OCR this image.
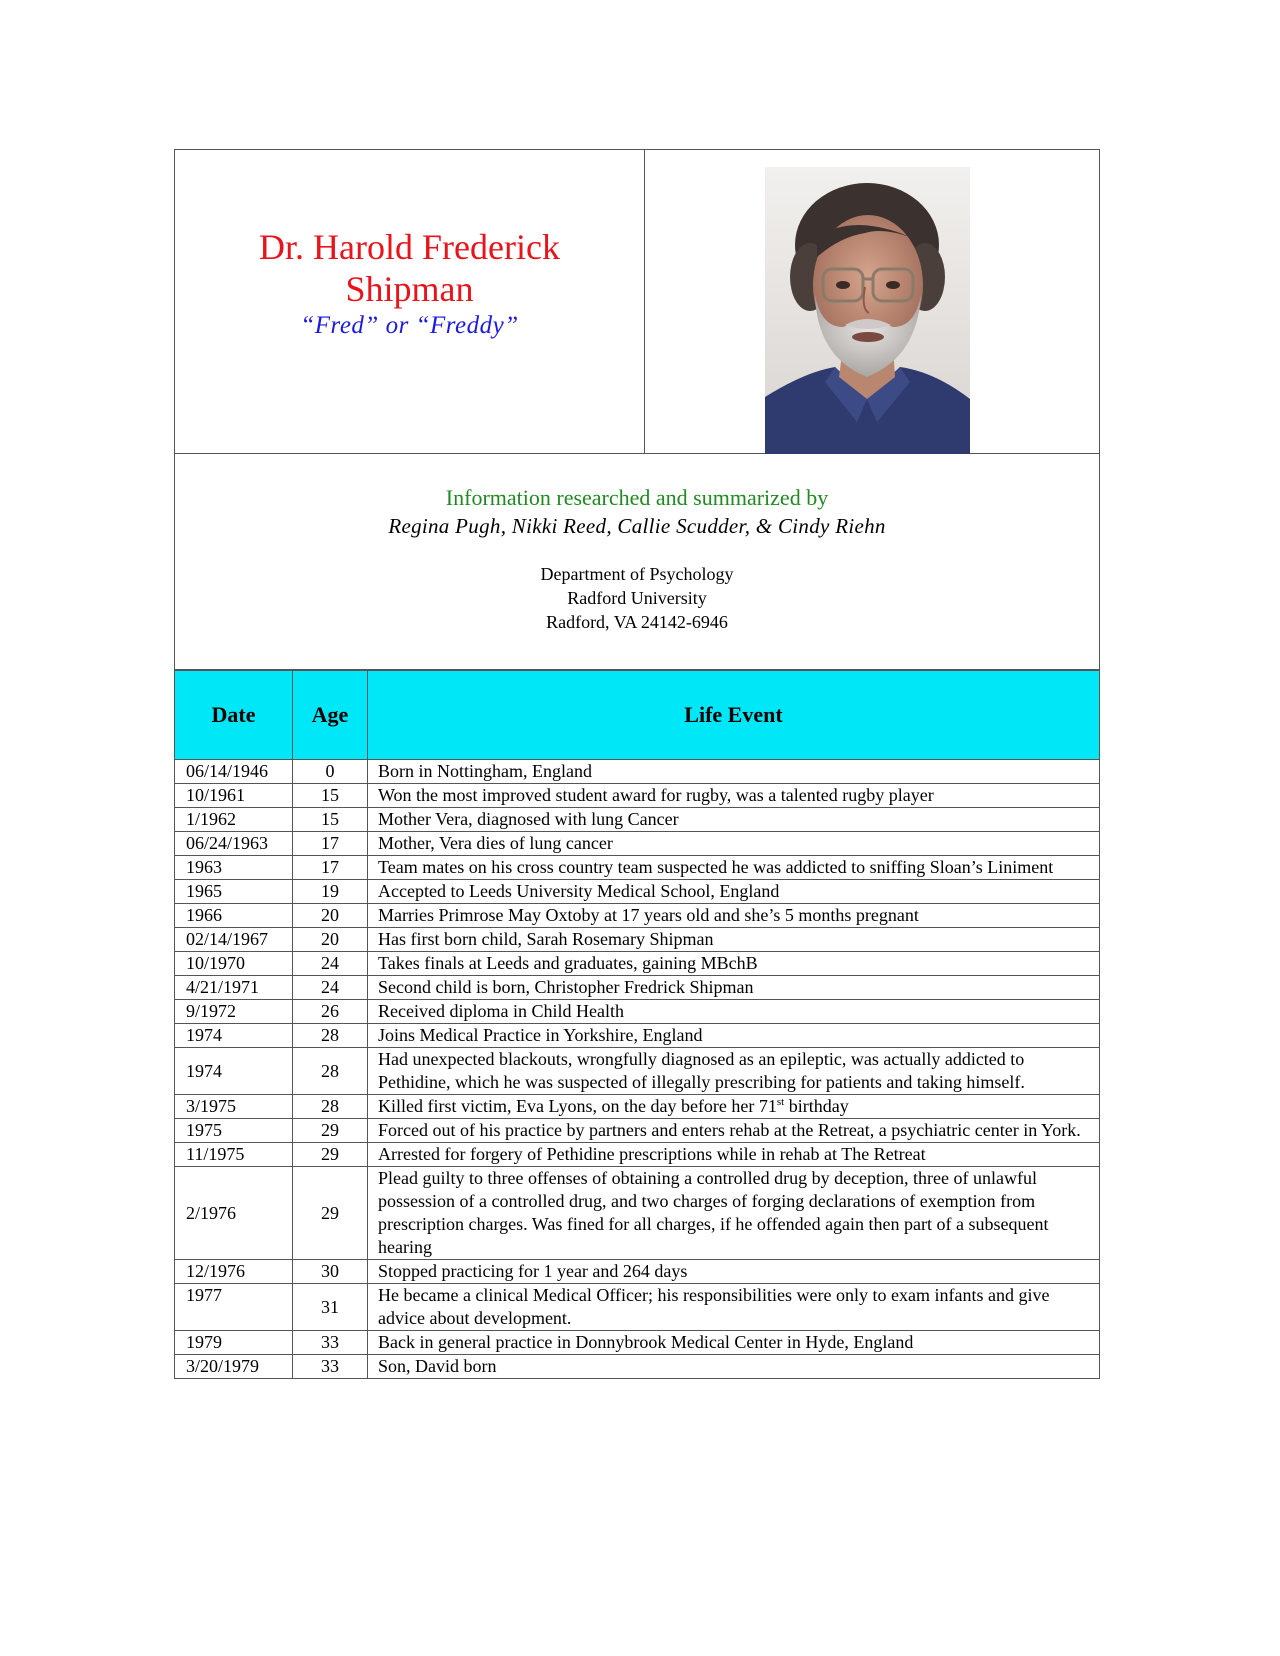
Dr. Harold Frederick
Shipman
“Fred” or “Freddy”
Information researched and summarized by
Regina Pugh, Nikki Reed, Callie Scudder, & Cindy Riehn
Department of Psychology
Radford University
Radford, VA 24142-6946
Date	Age	Life Event
06/14/1946	0	Born in Nottingham, England
10/1961	15	Won the most improved student award for rugby, was a talented rugby player
1/1962	15	Mother Vera, diagnosed with lung Cancer
06/24/1963	17	Mother, Vera dies of lung cancer
1963	17	Team mates on his cross country team suspected he was addicted to sniffing Sloan’s Liniment
1965	19	Accepted to Leeds University Medical School, England
1966	20	Marries Primrose May Oxtoby at 17 years old and she’s 5 months pregnant
02/14/1967	20	Has first born child, Sarah Rosemary Shipman
10/1970	24	Takes finals at Leeds and graduates, gaining MBchB
4/21/1971	24	Second child is born, Christopher Fredrick Shipman
9/1972	26	Received diploma in Child Health
1974	28	Joins Medical Practice in Yorkshire, England
1974	28	Had unexpected blackouts, wrongfully diagnosed as an epileptic, was actually addicted to Pethidine, which he was suspected of illegally prescribing for patients and taking himself.
3/1975	28	Killed first victim, Eva Lyons, on the day before her 71st birthday
1975	29	Forced out of his practice by partners and enters rehab at the Retreat, a psychiatric center in York.
11/1975	29	Arrested for forgery of Pethidine prescriptions while in rehab at The Retreat
2/1976	29	Plead guilty to three offenses of obtaining a controlled drug by deception, three of unlawful possession of a controlled drug, and two charges of forging declarations of exemption from prescription charges. Was fined for all charges, if he offended again then part of a subsequent hearing
12/1976	30	Stopped practicing for 1 year and 264 days
1977	31	He became a clinical Medical Officer; his responsibilities were only to exam infants and give advice about development.
1979	33	Back in general practice in Donnybrook Medical Center in Hyde, England
3/20/1979	33	Son, David born
